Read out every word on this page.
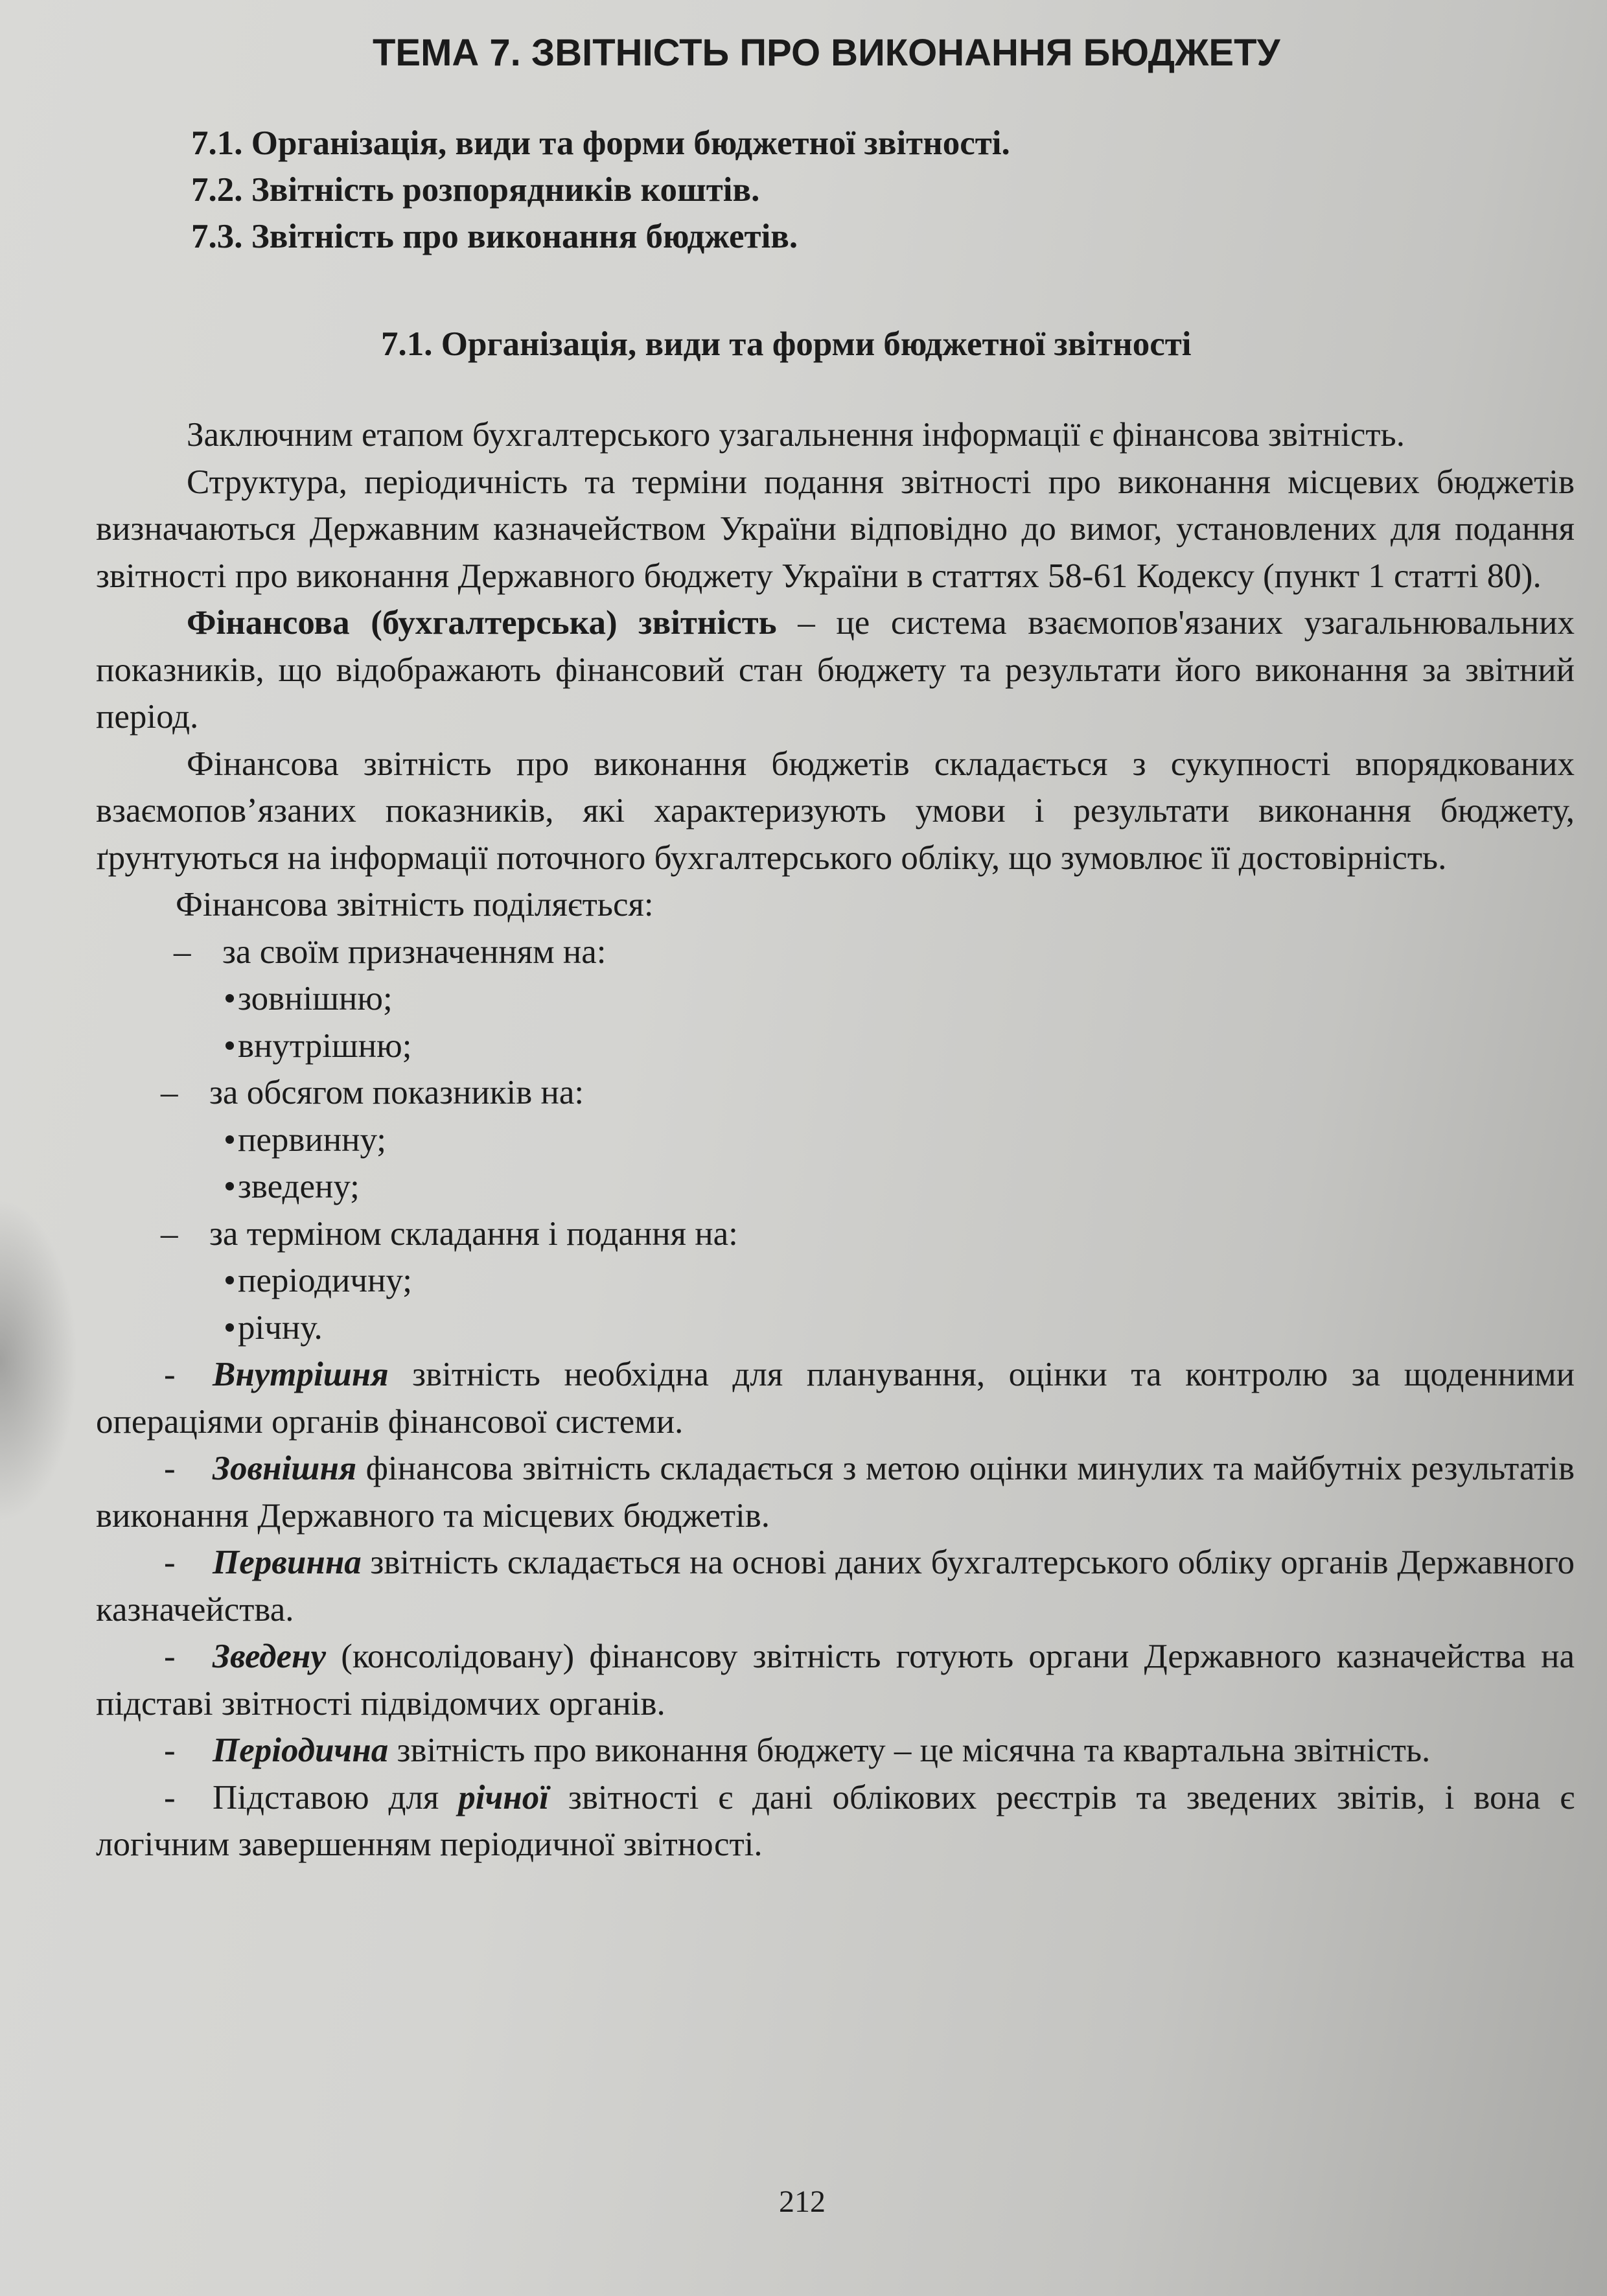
ТЕМА 7. ЗВІТНІСТЬ ПРО ВИКОНАННЯ БЮДЖЕТУ
7.1. Організація, види та форми бюджетної звітності.
7.2. Звітність розпорядників коштів.
7.3. Звітність про виконання бюджетів.
7.1. Організація, види та форми бюджетної звітності

Заключним етапом бухгалтерського узагальнення інформації є фінансова звітність.

Структура, періодичність та терміни подання звітності про виконання місцевих бюджетів визначаються Державним казначейством України відповідно до вимог, установлених для подання звітності про виконання Державного бюджету України в статтях 58-61 Кодексу (пункт 1 статті 80).

Фінансова (бухгалтерська) звітність – це система взаємопов'язаних узагальнювальних показників, що відображають фінансовий стан бюджету та результати його виконання за звітний період.

Фінансова звітність про виконання бюджетів складається з сукупності впорядкованих взаємопов’язаних показників, які характеризують умови і результати виконання бюджету, ґрунтуються на інформації поточного бухгалтерського обліку, що зумовлює її достовірність.

Фінансова звітність поділяється:

– за своїм призначенням на:

зовнішню;

внутрішню;

– за обсягом показників на:

первинну;

зведену;

– за терміном складання і подання на:

періодичну;

річну.

- Внутрішня звітність необхідна для планування, оцінки та контролю за щоденними операціями органів фінансової системи.

- Зовнішня фінансова звітність складається з метою оцінки минулих та майбутніх результатів виконання Державного та місцевих бюджетів.

- Первинна звітність складається на основі даних бухгалтерського обліку органів Державного казначейства.

- Зведену (консолідовану) фінансову звітність готують органи Державного казначейства на підставі звітності підвідомчих органів.

- Періодична звітність про виконання бюджету – це місячна та квартальна звітність.

- Підставою для річної звітності є дані облікових реєстрів та зведених звітів, і вона є логічним завершенням періодичної звітності.

212
